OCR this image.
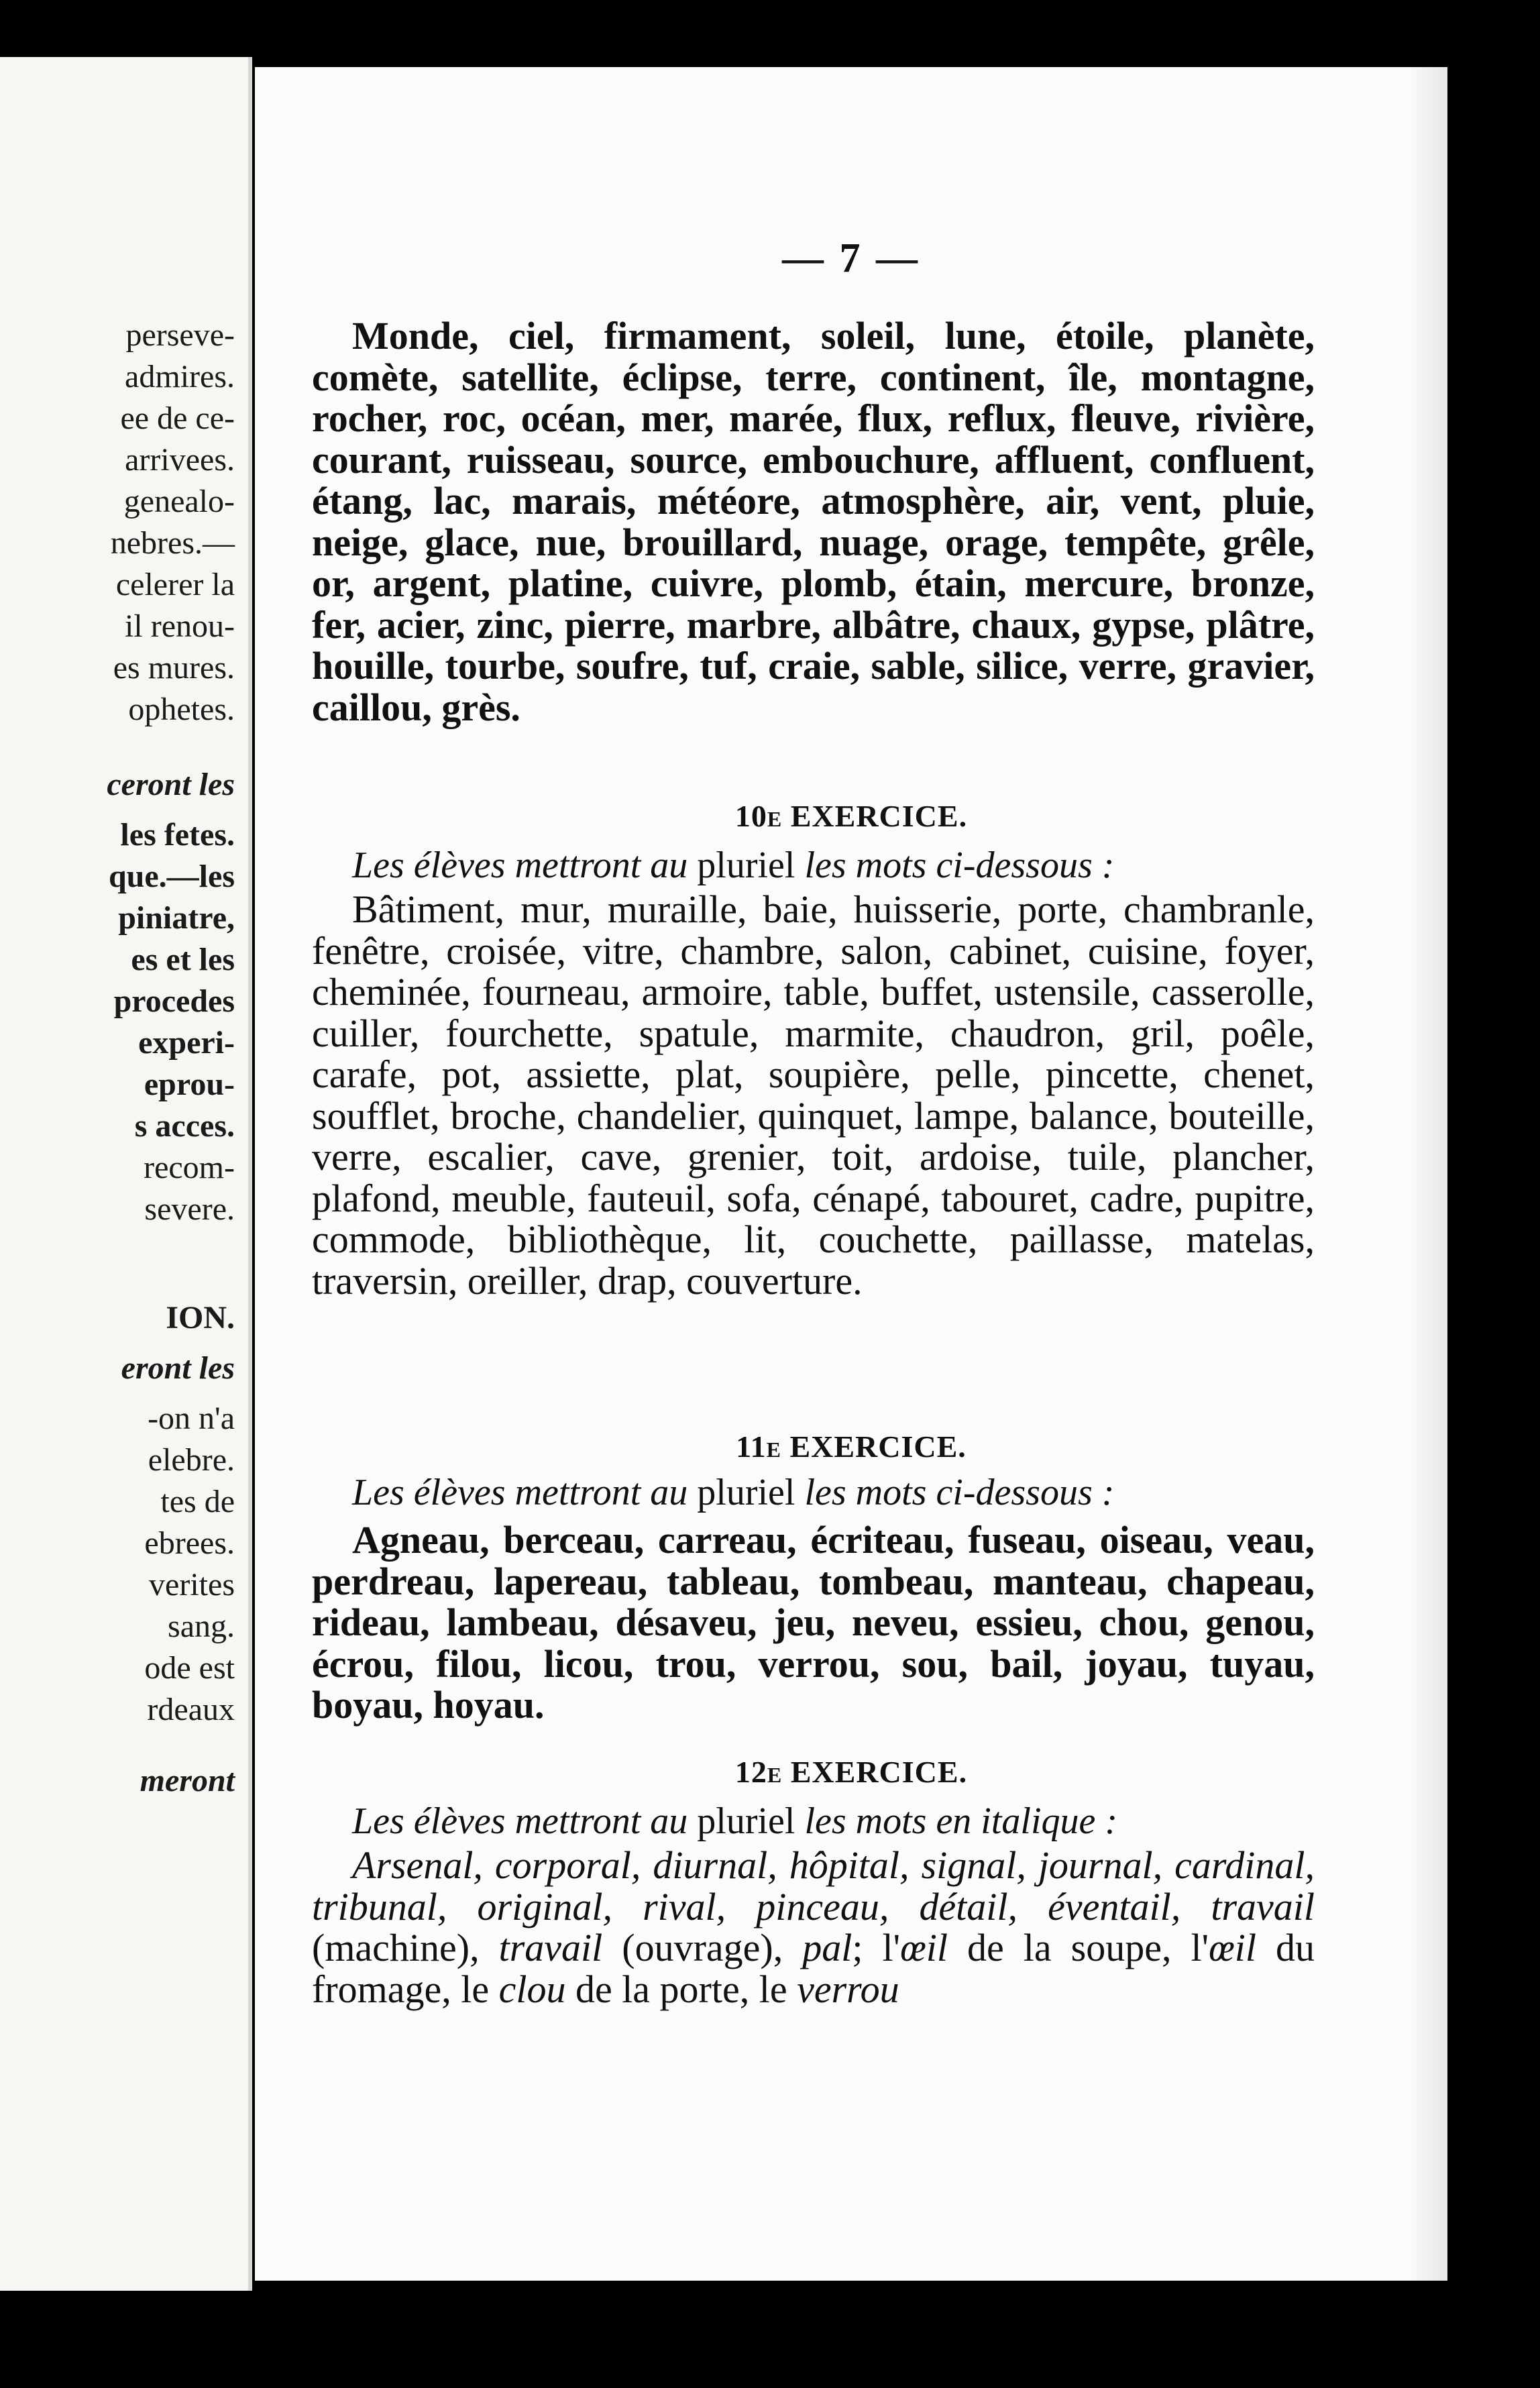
perseve-
admires.
ee de ce-
arrivees.
genealo-
nebres.—
celerer la
il renou-
es mures.
ophetes.
ceront les
les fetes.
que.—les
piniatre,
es et les
procedes
experi-
eprou-
s acces.
recom-
severe.
ION.
eront les
-on n'a
elebre.
tes de
ebrees.
verites
sang.
ode est
rdeaux
meront
— 7 —
Monde, ciel, firmament, soleil, lune, étoile, planète, comète, satellite, éclipse, terre, continent, île, montagne, rocher, roc, océan, mer, marée, flux, reflux, fleuve, rivière, courant, ruisseau, source, embouchure, affluent, confluent, étang, lac, marais, météore, atmosphère, air, vent, pluie, neige, glace, nue, brouillard, nuage, orage, tempête, grêle, or, argent, platine, cuivre, plomb, étain, mercure, bronze, fer, acier, zinc, pierre, marbre, albâtre, chaux, gypse, plâtre, houille, tourbe, soufre, tuf, craie, sable, silice, verre, gravier, caillou, grès.
10e EXERCICE.
Les élèves mettront au pluriel les mots ci-dessous :
Bâtiment, mur, muraille, baie, huisserie, porte, chambranle, fenêtre, croisée, vitre, chambre, salon, cabinet, cuisine, foyer, cheminée, fourneau, armoire, table, buffet, ustensile, casserolle, cuiller, fourchette, spatule, marmite, chaudron, gril, poêle, carafe, pot, assiette, plat, soupière, pelle, pincette, chenet, soufflet, broche, chandelier, quinquet, lampe, balance, bouteille, verre, escalier, cave, grenier, toit, ardoise, tuile, plancher, plafond, meuble, fauteuil, sofa, cénapé, tabouret, cadre, pupitre, commode, bibliothèque, lit, couchette, paillasse, matelas, traversin, oreiller, drap, couverture.
11e EXERCICE.
Les élèves mettront au pluriel les mots ci-dessous :
Agneau, berceau, carreau, écriteau, fuseau, oiseau, veau, perdreau, lapereau, tableau, tombeau, manteau, chapeau, rideau, lambeau, désaveu, jeu, neveu, essieu, chou, genou, écrou, filou, licou, trou, verrou, sou, bail, joyau, tuyau, boyau, hoyau.
12e EXERCICE.
Les élèves mettront au pluriel les mots en italique :
Arsenal, corporal, diurnal, hôpital, signal, journal, cardinal, tribunal, original, rival, pinceau, détail, éventail, travail (machine), travail (ouvrage), pal; l'œil de la soupe, l'œil du fromage, le clou de la porte, le verrou
